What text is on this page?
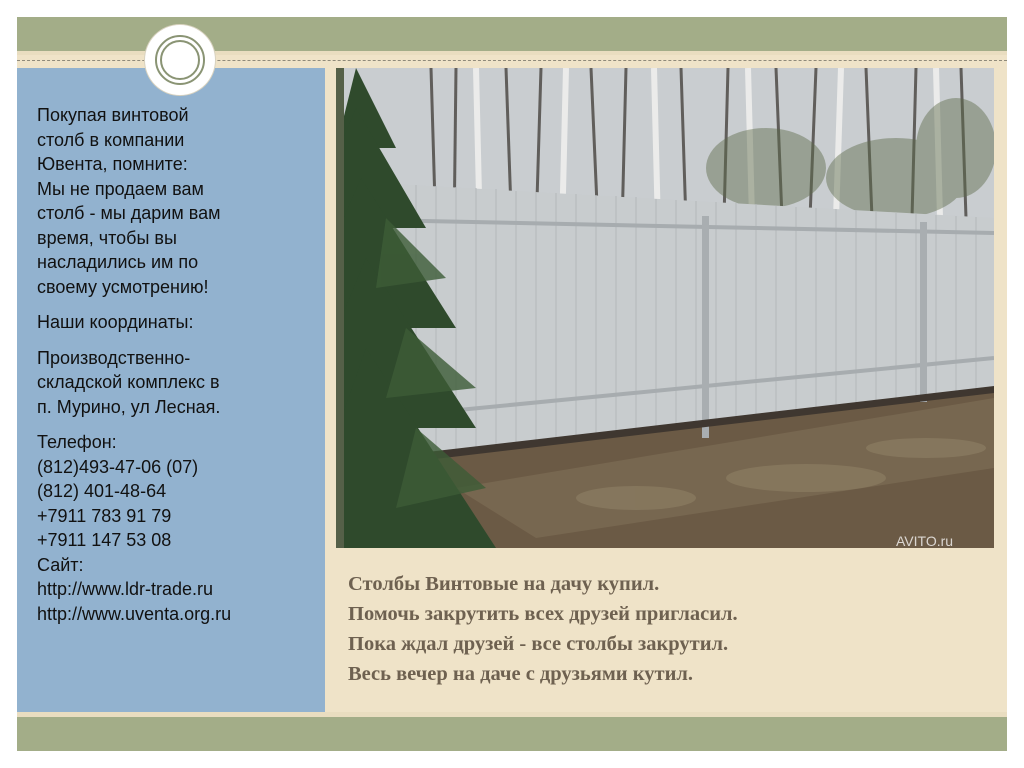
Покупая винтовой

столб в компании

Ювента, помните:

Мы не продаем вам

столб - мы дарим вам

время, чтобы вы

насладились им по

своему усмотрению!

Наши координаты:

Производственно-

складской комплекс в

п. Мурино, ул Лесная.

Телефон:

(812)493-47-06 (07)

(812) 401-48-64

+7911 783 91 79

+7911 147 53 08

Сайт:

http://www.ldr-trade.ru

http://www.uventa.org.ru

AVITO.ru
Столбы Винтовые на дачу купил.
Помочь закрутить всех друзей пригласил.
Пока ждал друзей - все столбы закрутил.
Весь вечер на даче с друзьями кутил.
